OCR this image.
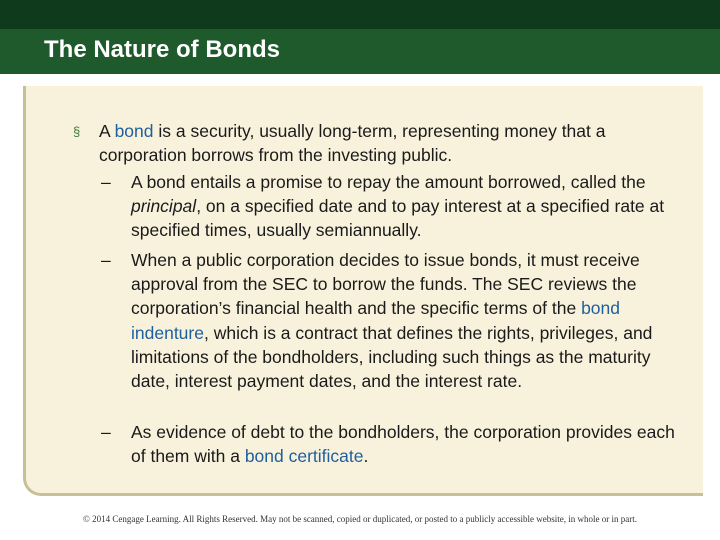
The Nature of Bonds
§ A bond is a security, usually long-term, representing money that a corporation borrows from the investing public.
– A bond entails a promise to repay the amount borrowed, called the principal, on a specified date and to pay interest at a specified rate at specified times, usually semiannually.
– When a public corporation decides to issue bonds, it must receive approval from the SEC to borrow the funds. The SEC reviews the corporation’s financial health and the specific terms of the bond indenture, which is a contract that defines the rights, privileges, and limitations of the bondholders, including such things as the maturity date, interest payment dates, and the interest rate.
– As evidence of debt to the bondholders, the corporation provides each of them with a bond certificate.
© 2014 Cengage Learning. All Rights Reserved. May not be scanned, copied or duplicated, or posted to a publicly accessible website, in whole or in part.
